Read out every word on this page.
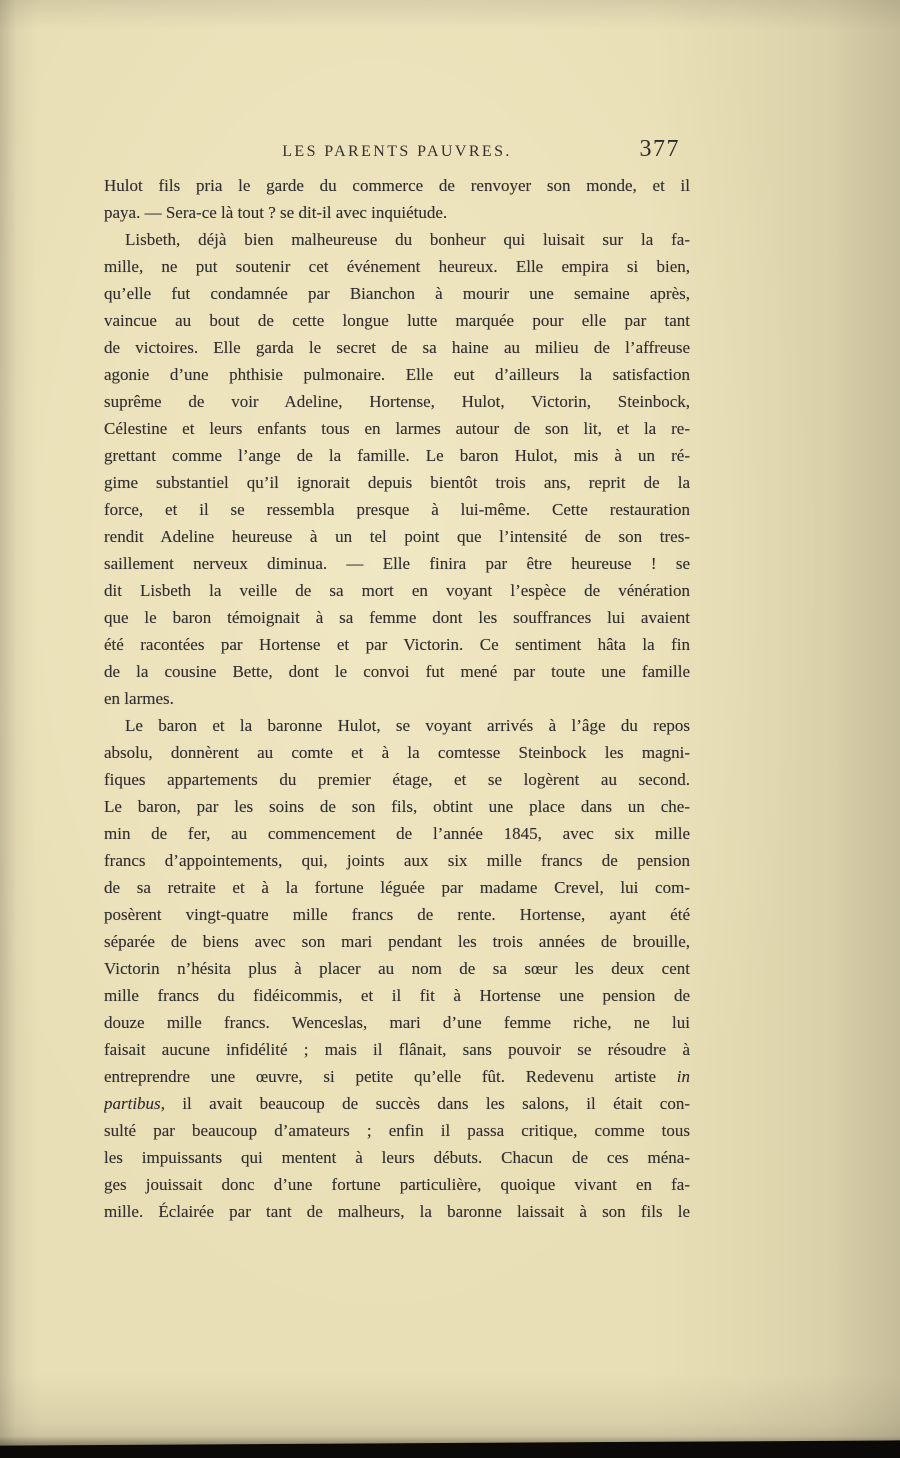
LES PARENTS PAUVRES.	377
Hulot fils pria le garde du commerce de renvoyer son monde, et il
paya. — Sera-ce là tout ? se dit-il avec inquiétude.
Lisbeth, déjà bien malheureuse du bonheur qui luisait sur la fa-
mille, ne put soutenir cet événement heureux. Elle empira si bien,
qu’elle fut condamnée par Bianchon à mourir une semaine après,
vaincue au bout de cette longue lutte marquée pour elle par tant
de victoires. Elle garda le secret de sa haine au milieu de l’affreuse
agonie d’une phthisie pulmonaire. Elle eut d’ailleurs la satisfaction
suprême de voir Adeline, Hortense, Hulot, Victorin, Steinbock,
Célestine et leurs enfants tous en larmes autour de son lit, et la re-
grettant comme l’ange de la famille. Le baron Hulot, mis à un ré-
gime substantiel qu’il ignorait depuis bientôt trois ans, reprit de la
force, et il se ressembla presque à lui-même. Cette restauration
rendit Adeline heureuse à un tel point que l’intensité de son tres-
saillement nerveux diminua. — Elle finira par être heureuse ! se
dit Lisbeth la veille de sa mort en voyant l’espèce de vénération
que le baron témoignait à sa femme dont les souffrances lui avaient
été racontées par Hortense et par Victorin. Ce sentiment hâta la fin
de la cousine Bette, dont le convoi fut mené par toute une famille
en larmes.
Le baron et la baronne Hulot, se voyant arrivés à l’âge du repos
absolu, donnèrent au comte et à la comtesse Steinbock les magni-
fiques appartements du premier étage, et se logèrent au second.
Le baron, par les soins de son fils, obtint une place dans un che-
min de fer, au commencement de l’année 1845, avec six mille
francs d’appointements, qui, joints aux six mille francs de pension
de sa retraite et à la fortune léguée par madame Crevel, lui com-
posèrent vingt-quatre mille francs de rente. Hortense, ayant été
séparée de biens avec son mari pendant les trois années de brouille,
Victorin n’hésita plus à placer au nom de sa sœur les deux cent
mille francs du fidéicommis, et il fit à Hortense une pension de
douze mille francs. Wenceslas, mari d’une femme riche, ne lui
faisait aucune infidélité ; mais il flânait, sans pouvoir se résoudre à
entreprendre une œuvre, si petite qu’elle fût. Redevenu artiste in
partibus, il avait beaucoup de succès dans les salons, il était con-
sulté par beaucoup d’amateurs ; enfin il passa critique, comme tous
les impuissants qui mentent à leurs débuts. Chacun de ces ména-
ges jouissait donc d’une fortune particulière, quoique vivant en fa-
mille. Éclairée par tant de malheurs, la baronne laissait à son fils le
